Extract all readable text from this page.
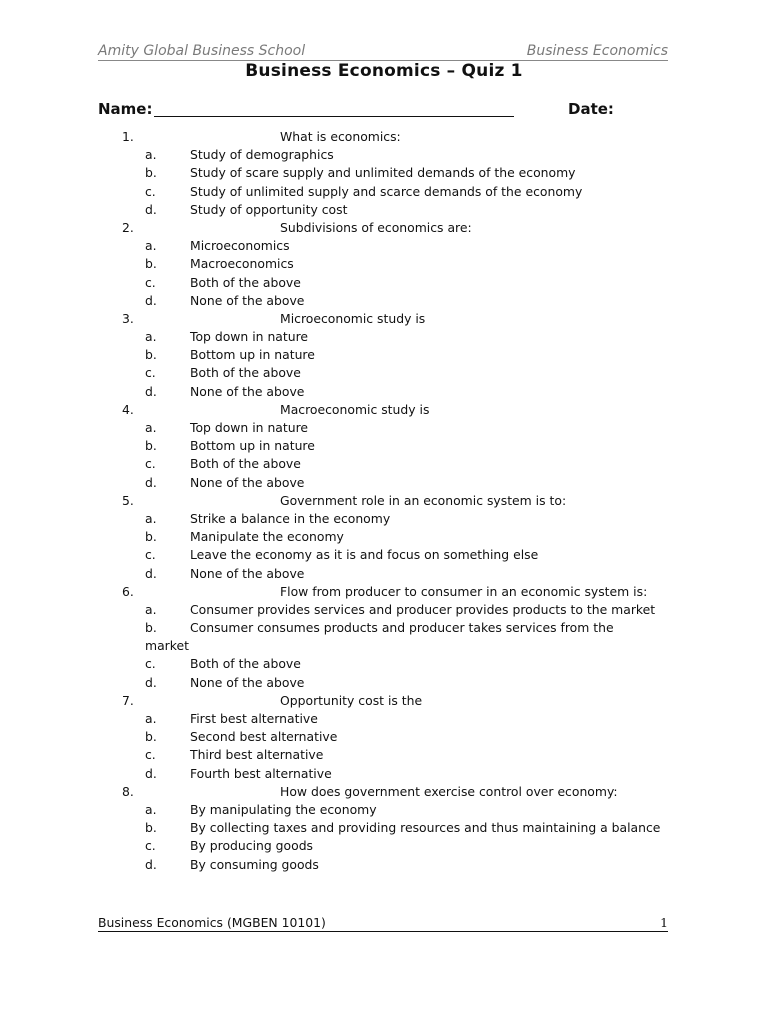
Amity Global Business School	Business Economics
Business Economics – Quiz 1
Name:	Date:
1.	What is economics:
a.	Study of demographics
b.	Study of scare supply and unlimited demands of the economy
c.	Study of unlimited supply and scarce demands of the economy
d.	Study of opportunity cost
2.	Subdivisions of economics are:
a.	Microeconomics
b.	Macroeconomics
c.	Both of the above
d.	None of the above
3.	Microeconomic study is
a.	Top down in nature
b.	Bottom up in nature
c.	Both of the above
d.	None of the above
4.	Macroeconomic study is
a.	Top down in nature
b.	Bottom up in nature
c.	Both of the above
d.	None of the above
5.	Government role in an economic system is to:
a.	Strike a balance in the economy
b.	Manipulate the economy
c.	Leave the economy as it is and focus on something else
d.	None of the above
6.	Flow from producer to consumer in an economic system is:
a.	Consumer provides services and producer provides products to the market
b.	Consumer consumes products and producer takes services from the
market
c.	Both of the above
d.	None of the above
7.	Opportunity cost is the
a.	First best alternative
b.	Second best alternative
c.	Third best alternative
d.	Fourth best alternative
8.	How does government exercise control over economy:
a.	By manipulating the economy
b.	By collecting taxes and providing resources and thus maintaining a balance
c.	By producing goods
d.	By consuming goods
Business Economics (MGBEN 10101)	1
